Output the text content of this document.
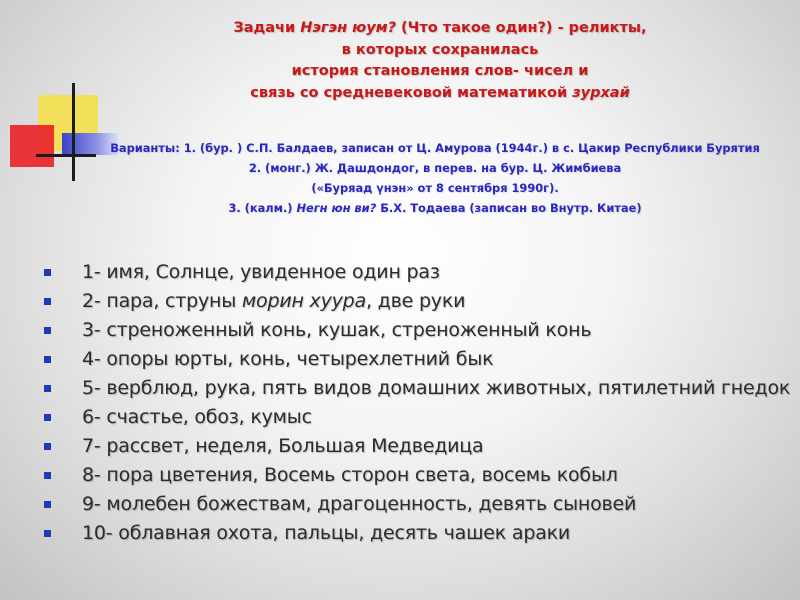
Задачи Нэгэн юум? (Что такое один?) - реликты,
в которых сохранилась
история становления слов- чисел и
связь со средневековой математикой зурхай
Варианты: 1. (бур. ) С.П. Балдаев, записан от Ц. Амурова (1944г.) в с. Цакир Республики Бурятия
2. (монг.) Ж. Дашдондог, в перев. на бур. Ц. Жимбиева
(«Буряад үнэн» от 8 сентября 1990г).
3. (калм.) Негн юн ви? Б.Х. Тодаева (записан во Внутр. Китае)
1- имя, Солнце, увиденное один раз
2- пара, струны морин хуура, две руки
3- стреноженный конь, кушак, стреноженный конь
4- опоры юрты, конь, четырехлетний бык
5- верблюд, рука, пять видов домашних животных, пятилетний гнедок
6- счастье, обоз, кумыс
7- рассвет, неделя, Большая Медведица
8- пора цветения, Восемь сторон света, восемь кобыл
9- молебен божествам, драгоценность, девять сыновей
10- облавная охота, пальцы, десять чашек араки
